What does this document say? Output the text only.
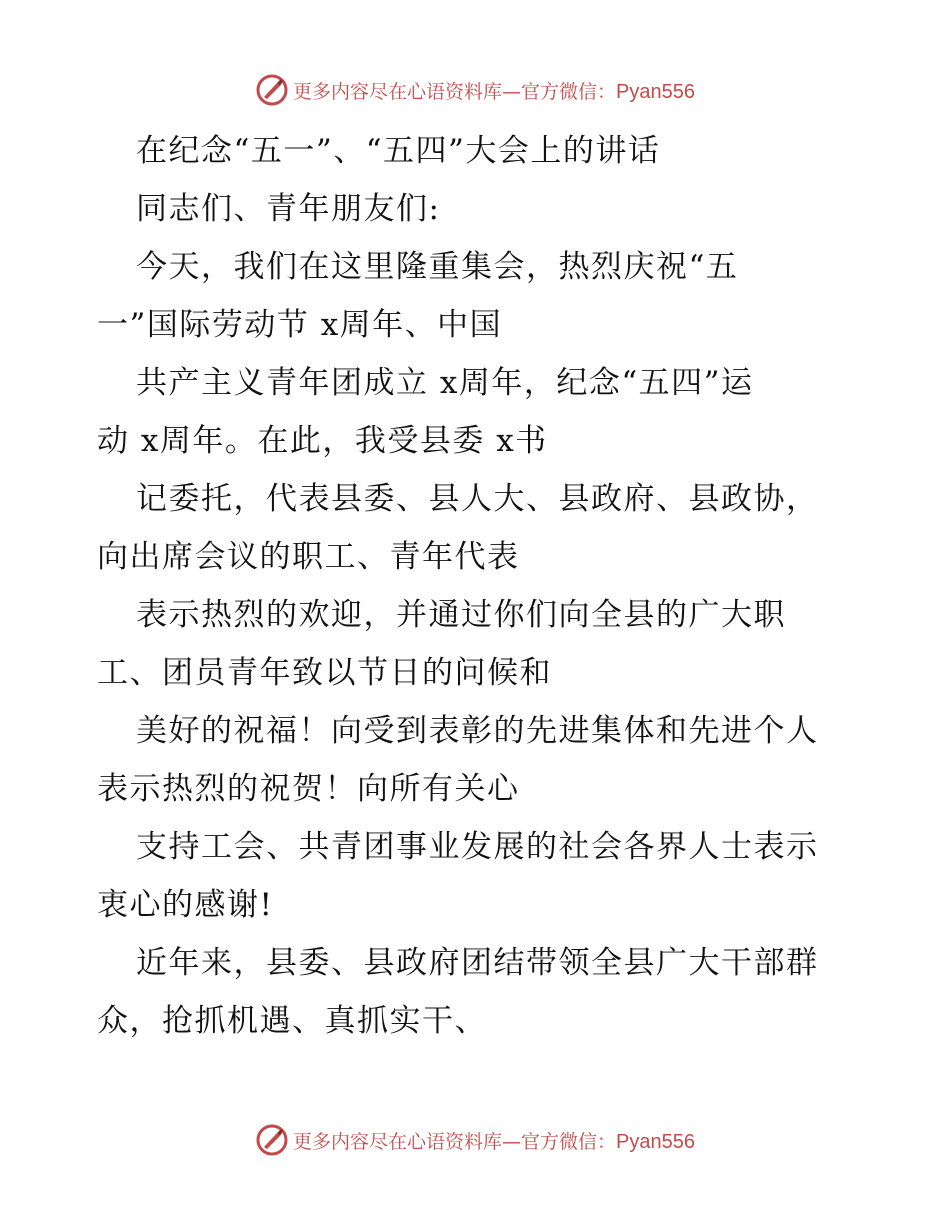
更多内容尽在心语资料库—官方微信：Pyan556
在纪念“五一”、“五四”大会上的讲话
同志们、青年朋友们:
今天，我们在这里隆重集会，热烈庆祝“五
一”国际劳动节 x周年、中国
共产主义青年团成立 x周年，纪念“五四”运
动 x周年。在此，我受县委 x书
记委托，代表县委、县人大、县政府、县政协，
向出席会议的职工、青年代表
表示热烈的欢迎，并通过你们向全县的广大职
工、团员青年致以节日的问候和
美好的祝福！向受到表彰的先进集体和先进个人
表示热烈的祝贺！向所有关心
支持工会、共青团事业发展的社会各界人士表示
衷心的感谢!
近年来，县委、县政府团结带领全县广大干部群
众，抢抓机遇、真抓实干、
更多内容尽在心语资料库—官方微信：Pyan556
